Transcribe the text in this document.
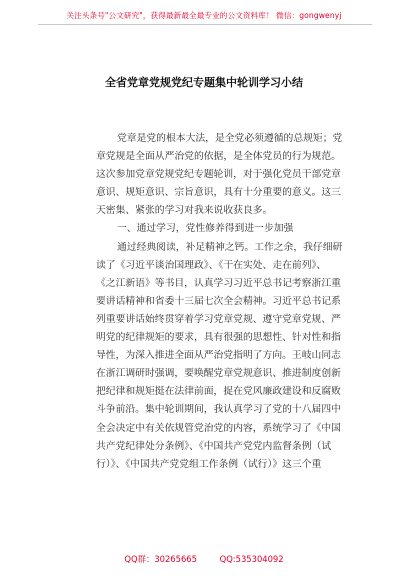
关注头条号"公文研究"，获得最新最全最专业的公文资料库！ 微信：gongwenyj
全省党章党规党纪专题集中轮训学习小结
党章是党的根本大法，是全党必须遵循的总规矩；党
章党规是全面从严治党的依据，是全体党员的行为规范。
这次参加党章党规党纪专题轮训，对于强化党员干部党章
意识、规矩意识、宗旨意识，具有十分重要的意义。这三
天密集、紧张的学习对我来说收获良多。
一、通过学习，党性修养得到进一步加强
通过经典阅读，补足精神之钙。工作之余，我仔细研
读了《习近平谈治国理政》、《干在实处、走在前列》、
《之江新语》等书目，认真学习习近平总书记考察浙江重
要讲话精神和省委十三届七次全会精神。习近平总书记系
列重要讲话始终贯穿着学习党章党规、遵守党章党规、严
明党的纪律规矩的要求，具有很强的思想性、针对性和指
导性，为深入推进全面从严治党指明了方向。王岐山同志
在浙江调研时强调，要唤醒党章党规意识、推进制度创新
把纪律和规矩挺在法律前面，捉在党风廉政建设和反腐败
斗争前沿。集中轮训期间，我认真学习了党的十八届四中
全会决定中有关依规管党治党的内容，系统学习了《中国
共产党纪律处分条例》、《中国共产党党内监督条例（试
行）》、《中国共产党党组工作条例（试行）》这三个重
QQ群：30265665	QQ:535304092
